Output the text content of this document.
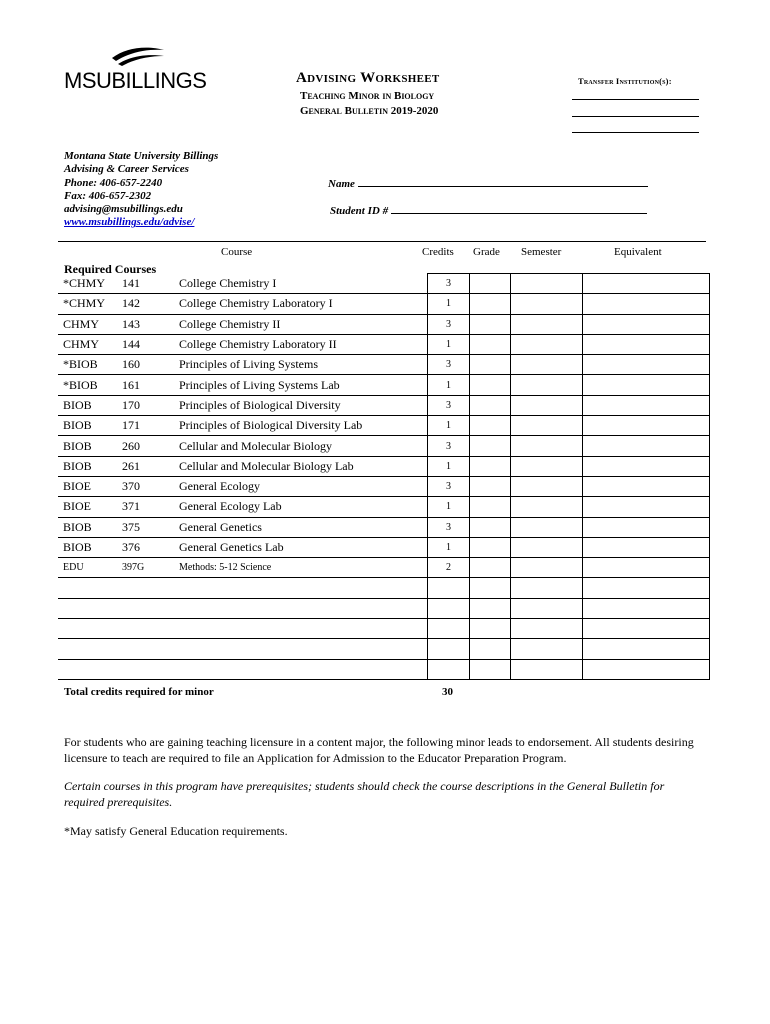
MSUBILLINGS	Advising Worksheet
Teaching Minor in Biology
General Bulletin 2019-2020
Transfer Institution(s):
Montana State University Billings
Advising & Career Services
Phone: 406-657-2240
Fax: 406-657-2302
advising@msubillings.edu
www.msubillings.edu/advise/
Name
Student ID #
Course	Credits Grade Semester	Equivalent
Required Courses
*CHMY	141	College Chemistry I	3			
*CHMY	142	College Chemistry Laboratory I	1			
CHMY	143	College Chemistry II	3			
CHMY	144	College Chemistry Laboratory II	1			
*BIOB	160	Principles of Living Systems	3			
*BIOB	161	Principles of Living Systems Lab	1			
BIOB	170	Principles of Biological Diversity	3			
BIOB	171	Principles of Biological Diversity Lab	1			
BIOB	260	Cellular and Molecular Biology	3			
BIOB	261	Cellular and Molecular Biology Lab	1			
BIOE	370	General Ecology	3			
BIOE	371	General Ecology Lab	1			
BIOB	375	General Genetics	3			
BIOB	376	General Genetics Lab	1			
EDU	397G	Methods: 5-12 Science	2			

Total credits required for minor	30
For students who are gaining teaching licensure in a content major, the following minor leads to endorsement. All students desiring licensure to teach are required to file an Application for Admission to the Educator Preparation Program.
Certain courses in this program have prerequisites; students should check the course descriptions in the General Bulletin for required prerequisites.
*May satisfy General Education requirements.
